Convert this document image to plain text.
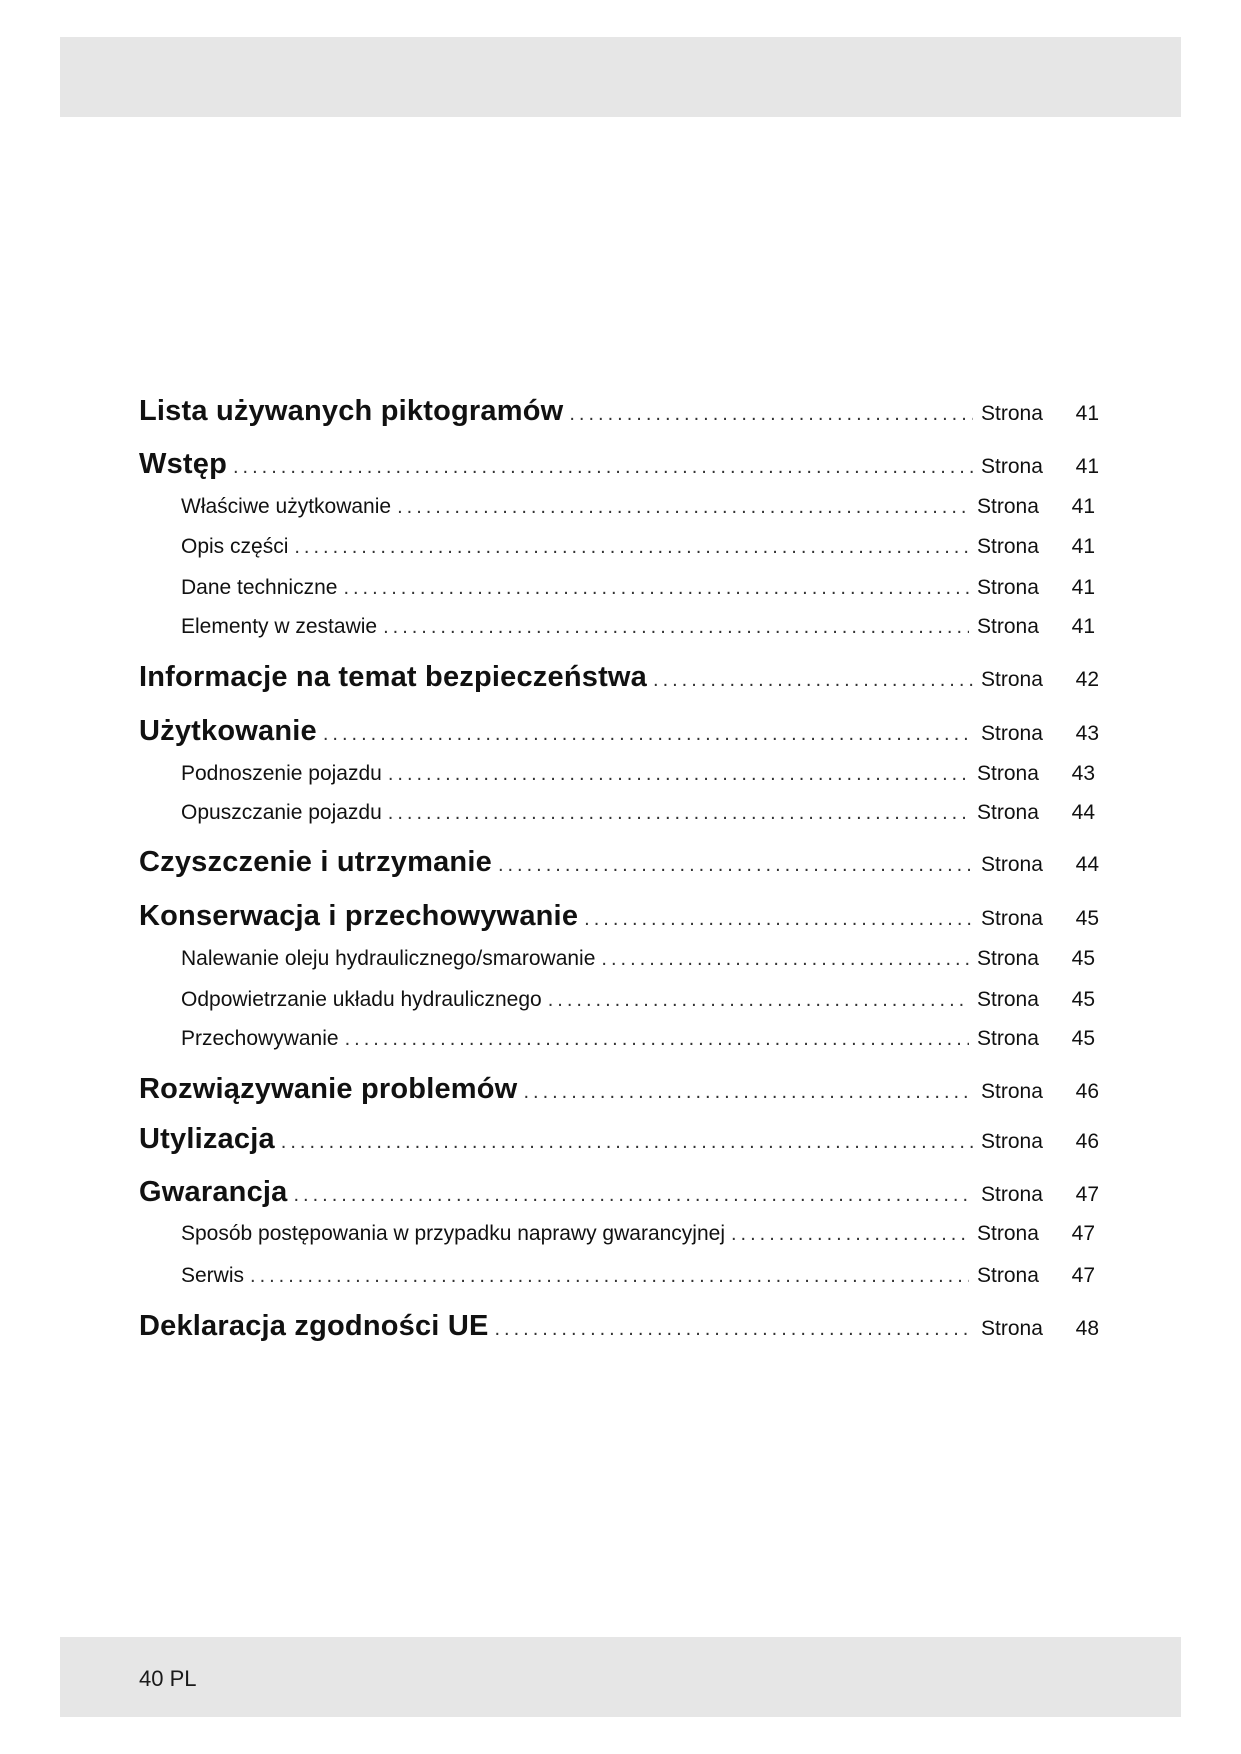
Lista używanych piktogramów .....	Strona	41
Wstęp .....	Strona	41
Właściwe użytkowanie .....	Strona	41
Opis części .....	Strona	41
Dane techniczne .....	Strona	41
Elementy w zestawie .....	Strona	41
Informacje na temat bezpieczeństwa .....	Strona	42
Użytkowanie .....	Strona	43
Podnoszenie pojazdu .....	Strona	43
Opuszczanie pojazdu .....	Strona	44
Czyszczenie i utrzymanie .....	Strona	44
Konserwacja i przechowywanie .....	Strona	45
Nalewanie oleju hydraulicznego/smarowanie .....	Strona	45
Odpowietrzanie układu hydraulicznego .....	Strona	45
Przechowywanie .....	Strona	45
Rozwiązywanie problemów .....	Strona	46
Utylizacja .....	Strona	46
Gwarancja .....	Strona	47
Sposób postępowania w przypadku naprawy gwarancyjnej .....	Strona	47
Serwis .....	Strona	47
Deklaracja zgodności UE .....	Strona	48
40 PL
